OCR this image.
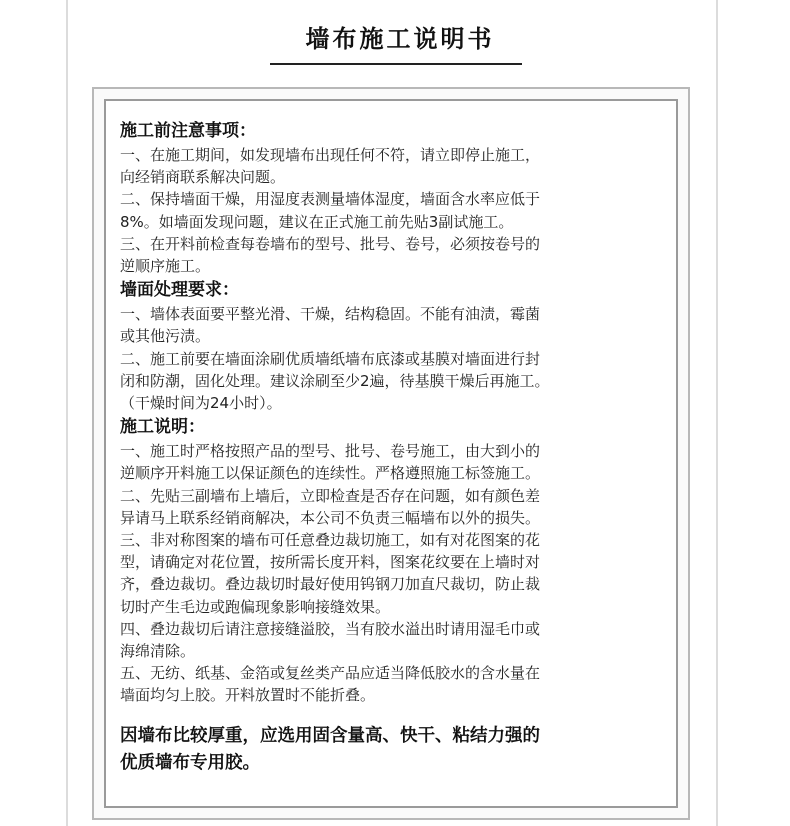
墙布施工说明书
施工前注意事项：
一、在施工期间，如发现墙布出现任何不符，请立即停止施工，
向经销商联系解决问题。
二、保持墙面干燥，用湿度表测量墙体湿度，墙面含水率应低于
8%。如墙面发现问题，建议在正式施工前先贴3副试施工。
三、在开料前检查每卷墙布的型号、批号、卷号，必须按卷号的
逆顺序施工。
墙面处理要求：
一、墙体表面要平整光滑、干燥，结构稳固。不能有油渍，霉菌
或其他污渍。
二、施工前要在墙面涂刷优质墙纸墙布底漆或基膜对墙面进行封
闭和防潮，固化处理。建议涂刷至少2遍，待基膜干燥后再施工。
（干燥时间为24小时）。
施工说明：
一、施工时严格按照产品的型号、批号、卷号施工，由大到小的
逆顺序开料施工以保证颜色的连续性。严格遵照施工标签施工。
二、先贴三副墙布上墙后，立即检查是否存在问题，如有颜色差
异请马上联系经销商解决，本公司不负责三幅墙布以外的损失。
三、非对称图案的墙布可任意叠边裁切施工，如有对花图案的花
型，请确定对花位置，按所需长度开料，图案花纹要在上墙时对
齐，叠边裁切。叠边裁切时最好使用钨钢刀加直尺裁切，防止裁
切时产生毛边或跑偏现象影响接缝效果。
四、叠边裁切后请注意接缝溢胶，当有胶水溢出时请用湿毛巾或
海绵清除。
五、无纺、纸基、金箔或复丝类产品应适当降低胶水的含水量在
墙面均匀上胶。开料放置时不能折叠。
因墙布比较厚重，应选用固含量高、快干、粘结力强的
优质墙布专用胶。
